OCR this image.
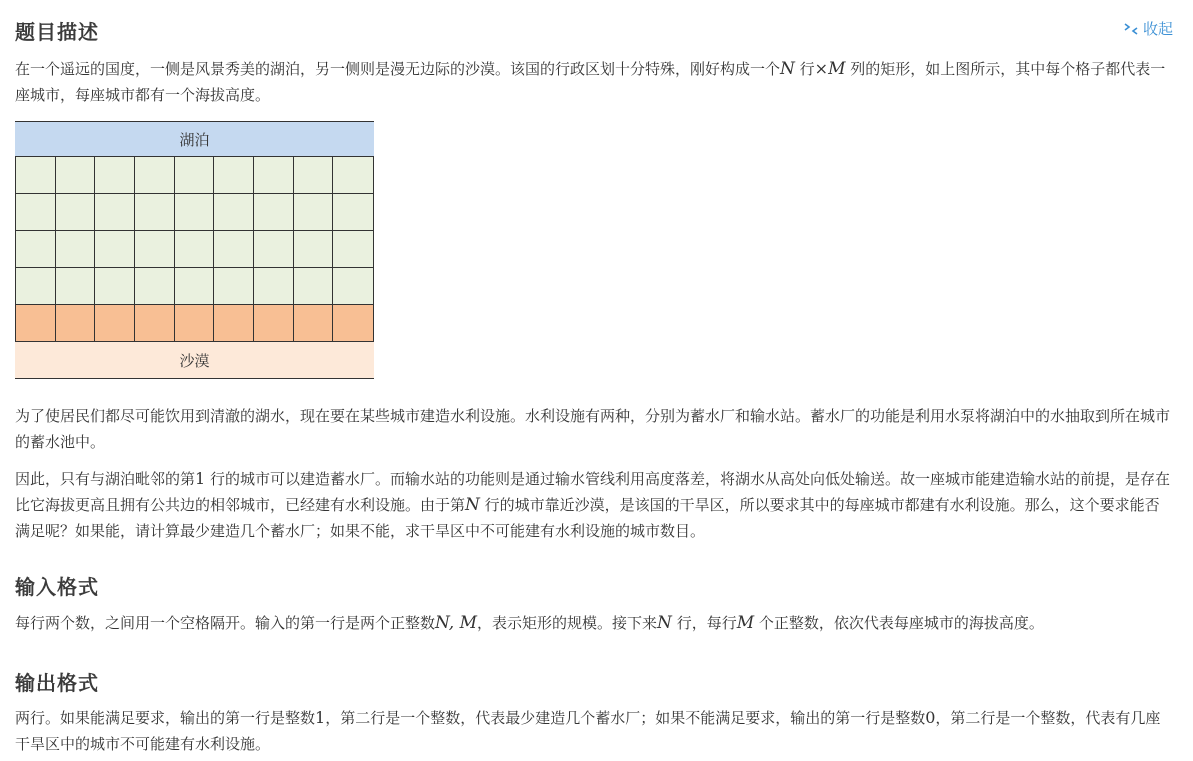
题目描述	收起

在一个遥远的国度，一侧是风景秀美的湖泊，另一侧则是漫无边际的沙漠。该国的行政区划十分特殊，刚好构成一个N 行×M 列的矩形，如上图所示，其中每个格子都代表一座城市，每座城市都有一个海拔高度。

湖泊
沙漠

为了使居民们都尽可能饮用到清澈的湖水，现在要在某些城市建造水利设施。水利设施有两种，分别为蓄水厂和输水站。蓄水厂的功能是利用水泵将湖泊中的水抽取到所在城市的蓄水池中。

因此，只有与湖泊毗邻的第1 行的城市可以建造蓄水厂。而输水站的功能则是通过输水管线利用高度落差，将湖水从高处向低处输送。故一座城市能建造输水站的前提，是存在比它海拔更高且拥有公共边的相邻城市，已经建有水利设施。由于第N 行的城市靠近沙漠，是该国的干旱区，所以要求其中的每座城市都建有水利设施。那么，这个要求能否满足呢？如果能，请计算最少建造几个蓄水厂；如果不能，求干旱区中不可能建有水利设施的城市数目。

输入格式

每行两个数，之间用一个空格隔开。输入的第一行是两个正整数N, M，表示矩形的规模。接下来N 行，每行M 个正整数，依次代表每座城市的海拔高度。

输出格式

两行。如果能满足要求，输出的第一行是整数1，第二行是一个整数，代表最少建造几个蓄水厂；如果不能满足要求，输出的第一行是整数0，第二行是一个整数，代表有几座干旱区中的城市不可能建有水利设施。
